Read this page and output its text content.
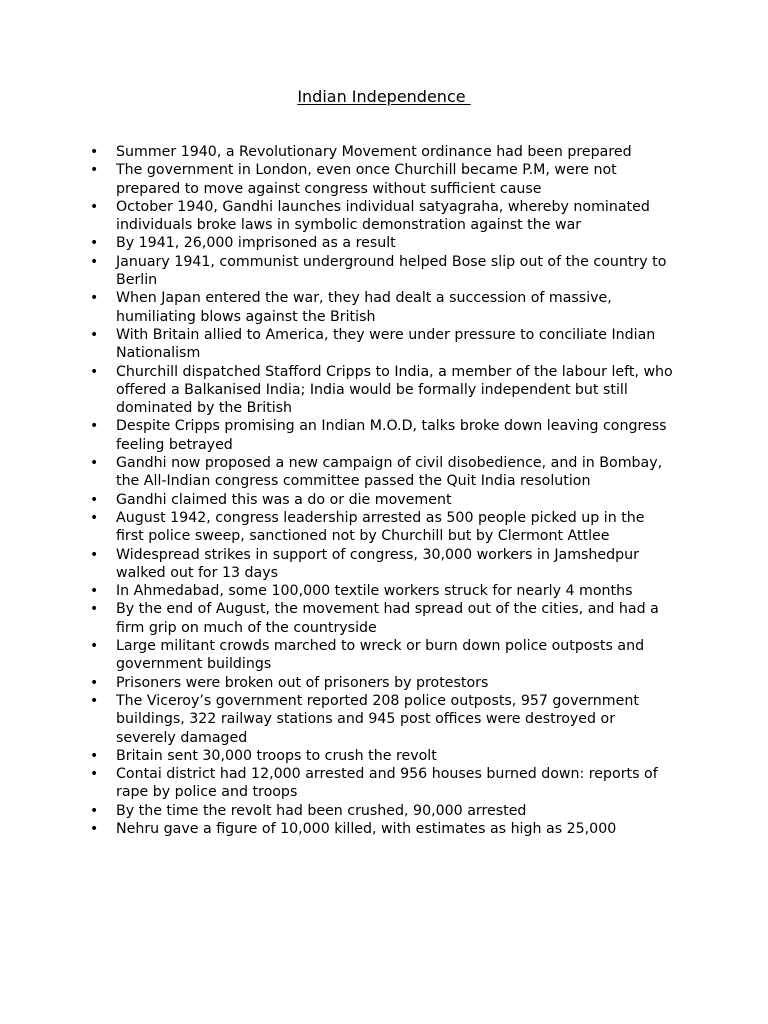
Indian Independence
• Summer 1940, a Revolutionary Movement ordinance had been prepared
• The government in London, even once Churchill became P.M, were not prepared to move against congress without sufficient cause
• October 1940, Gandhi launches individual satyagraha, whereby nominated individuals broke laws in symbolic demonstration against the war
• By 1941, 26,000 imprisoned as a result
• January 1941, communist underground helped Bose slip out of the country to Berlin
• When Japan entered the war, they had dealt a succession of massive, humiliating blows against the British
• With Britain allied to America, they were under pressure to conciliate Indian Nationalism
• Churchill dispatched Stafford Cripps to India, a member of the labour left, who offered a Balkanised India; India would be formally independent but still dominated by the British
• Despite Cripps promising an Indian M.O.D, talks broke down leaving congress feeling betrayed
• Gandhi now proposed a new campaign of civil disobedience, and in Bombay, the All-Indian congress committee passed the Quit India resolution
• Gandhi claimed this was a do or die movement
• August 1942, congress leadership arrested as 500 people picked up in the first police sweep, sanctioned not by Churchill but by Clermont Attlee
• Widespread strikes in support of congress, 30,000 workers in Jamshedpur walked out for 13 days
• In Ahmedabad, some 100,000 textile workers struck for nearly 4 months
• By the end of August, the movement had spread out of the cities, and had a firm grip on much of the countryside
• Large militant crowds marched to wreck or burn down police outposts and government buildings
• Prisoners were broken out of prisoners by protestors
• The Viceroy’s government reported 208 police outposts, 957 government buildings, 322 railway stations and 945 post offices were destroyed or severely damaged
• Britain sent 30,000 troops to crush the revolt
• Contai district had 12,000 arrested and 956 houses burned down: reports of rape by police and troops
• By the time the revolt had been crushed, 90,000 arrested
• Nehru gave a figure of 10,000 killed, with estimates as high as 25,000
